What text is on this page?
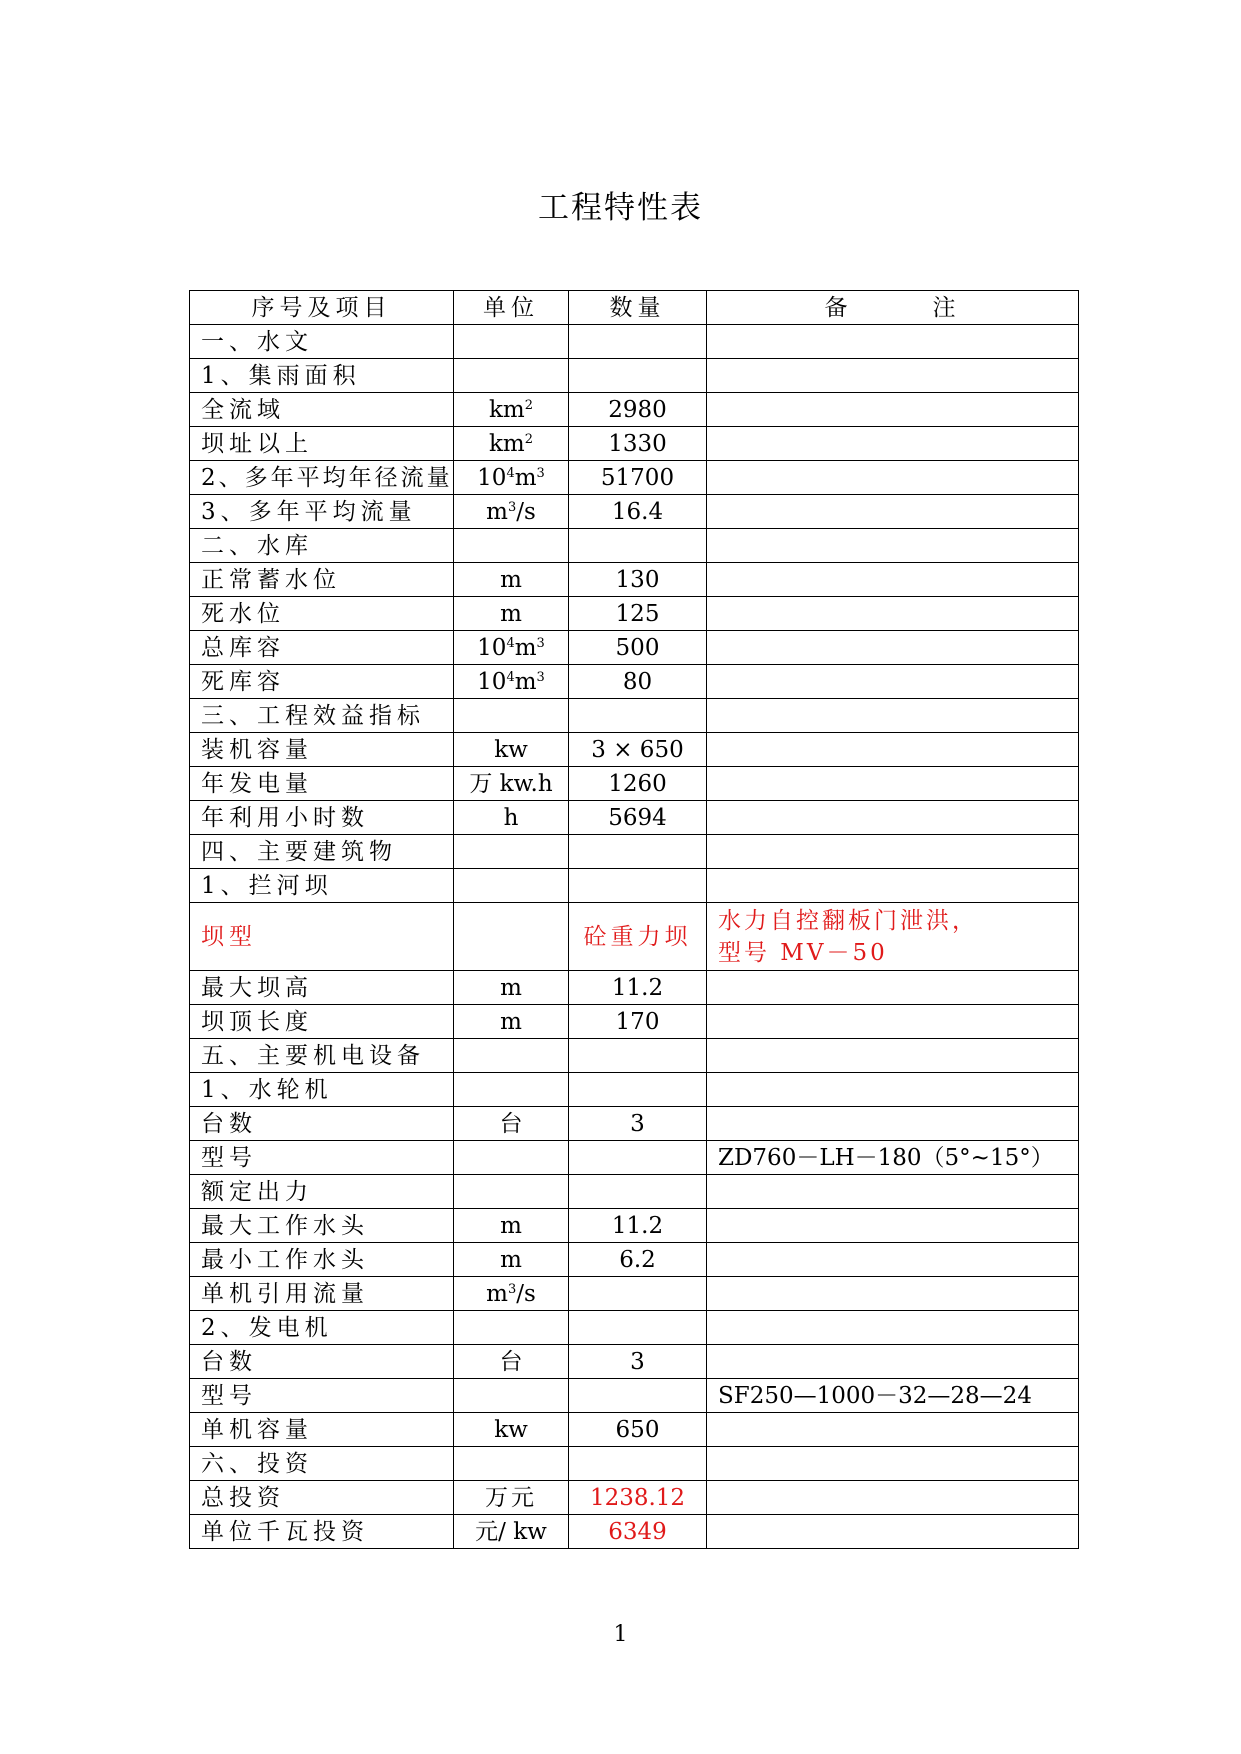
工程特性表
序号及项目	单位	数量	备 注
一、水文			
1、集雨面积			
全流域	$km^2$	2980	
坝址以上	$km^2$	1330	
2、多年平均年径流量	$10^4m^3$	51700	
3、多年平均流量	$m^3/s$	16.4	
二、水库			
正常蓄水位	m	130	
死水位	m	125	
总库容	$10^4m^3$	500	
死库容	$10^4m^3$	80	
三、工程效益指标			
装机容量	kw	3 × 650	
年发电量	万 kw.h	1260	
年利用小时数	h	5694	
四、主要建筑物			
1、拦河坝			
坝型		砼重力坝	水力自控翻板门泄洪，
型号 MV－50

最大坝高	m	11.2	
坝顶长度	m	170	
五、主要机电设备			
1、水轮机			
台数	台	3	
型号			ZD760－LH－180（5°~15°）
额定出力			
最大工作水头	m	11.2	
最小工作水头	m	6.2	
单机引用流量	$m^3/s$		
2、发电机			
台数	台	3	
型号			SF250—1000－32—28—24
单机容量	kw	650	
六、投资			
总投资	万元	1238.12	
单位千瓦投资	元/ kw	6349	
1
